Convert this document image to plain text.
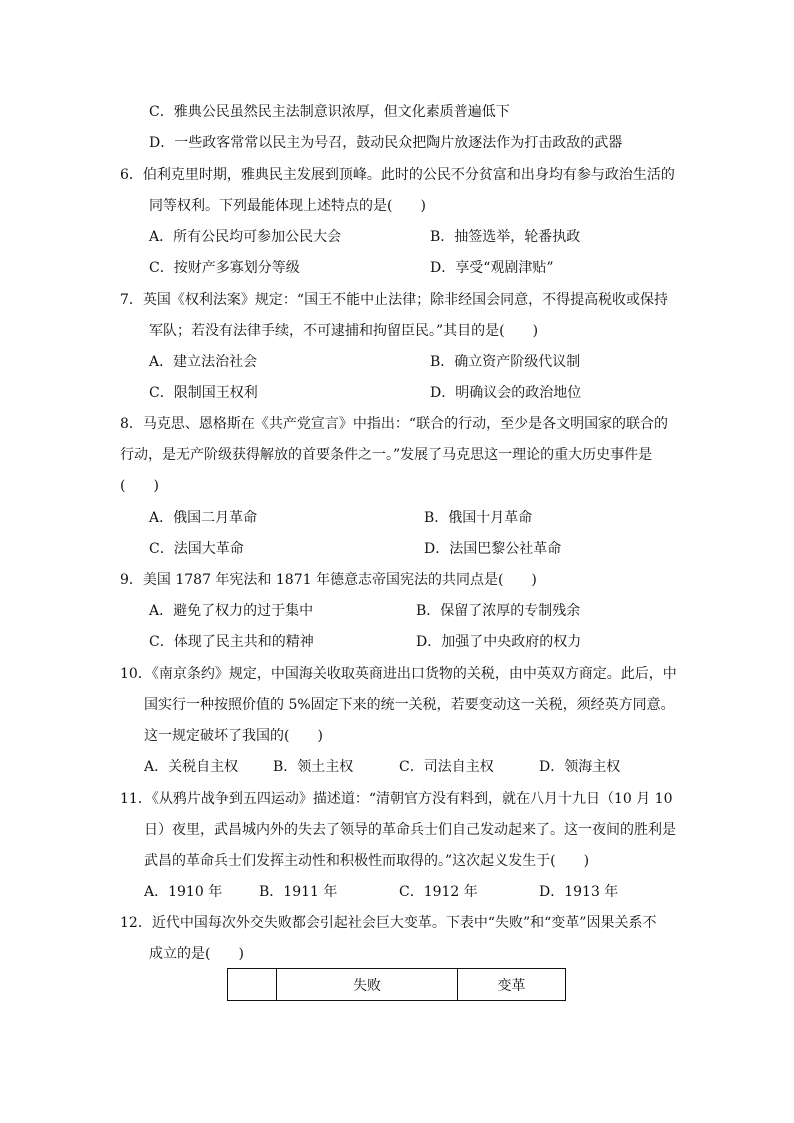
C．雅典公民虽然民主法制意识浓厚，但文化素质普遍低下
D．一些政客常常以民主为号召，鼓动民众把陶片放逐法作为打击政敌的武器
6．伯利克里时期，雅典民主发展到顶峰。此时的公民不分贫富和出身均有参与政治生活的
同等权利。下列最能体现上述特点的是(　　)
A．所有公民均可参加公民大会	B．抽签选举，轮番执政
C．按财产多寡划分等级	D．享受“观剧津贴”
7．英国《权利法案》规定：“国王不能中止法律；除非经国会同意，不得提高税收或保持
军队；若没有法律手续，不可逮捕和拘留臣民。”其目的是(　　)
A．建立法治社会	B．确立资产阶级代议制
C．限制国王权利	D．明确议会的政治地位
8．马克思、恩格斯在《共产党宣言》中指出：“联合的行动，至少是各文明国家的联合的
行动，是无产阶级获得解放的首要条件之一。”发展了马克思这一理论的重大历史事件是
(　　)
A．俄国二月革命	B．俄国十月革命
C．法国大革命	D．法国巴黎公社革命
9．美国 1787 年宪法和 1871 年德意志帝国宪法的共同点是(　　)
A．避免了权力的过于集中	B．保留了浓厚的专制残余
C．体现了民主共和的精神	D．加强了中央政府的权力
10．《南京条约》规定，中国海关收取英商进出口货物的关税，由中英双方商定。此后，中
国实行一种按照价值的 5%固定下来的统一关税，若要变动这一关税，须经英方同意。
这一规定破坏了我国的(　　)
A．关税自主权 B．领土主权	C．司法自主权	D．领海主权
11．《从鸦片战争到五四运动》描述道：“清朝官方没有料到，就在八月十九日（10 月 10
日）夜里，武昌城内外的失去了领导的革命兵士们自己发动起来了。这一夜间的胜利是
武昌的革命兵士们发挥主动性和积极性而取得的。”这次起义发生于(　　)
A．1910 年	B．1911 年	C．1912 年	D．1913 年
12．近代中国每次外交失败都会引起社会巨大变革。下表中“失败”和“变革”因果关系不
成立的是(　　)
	失败	变革
